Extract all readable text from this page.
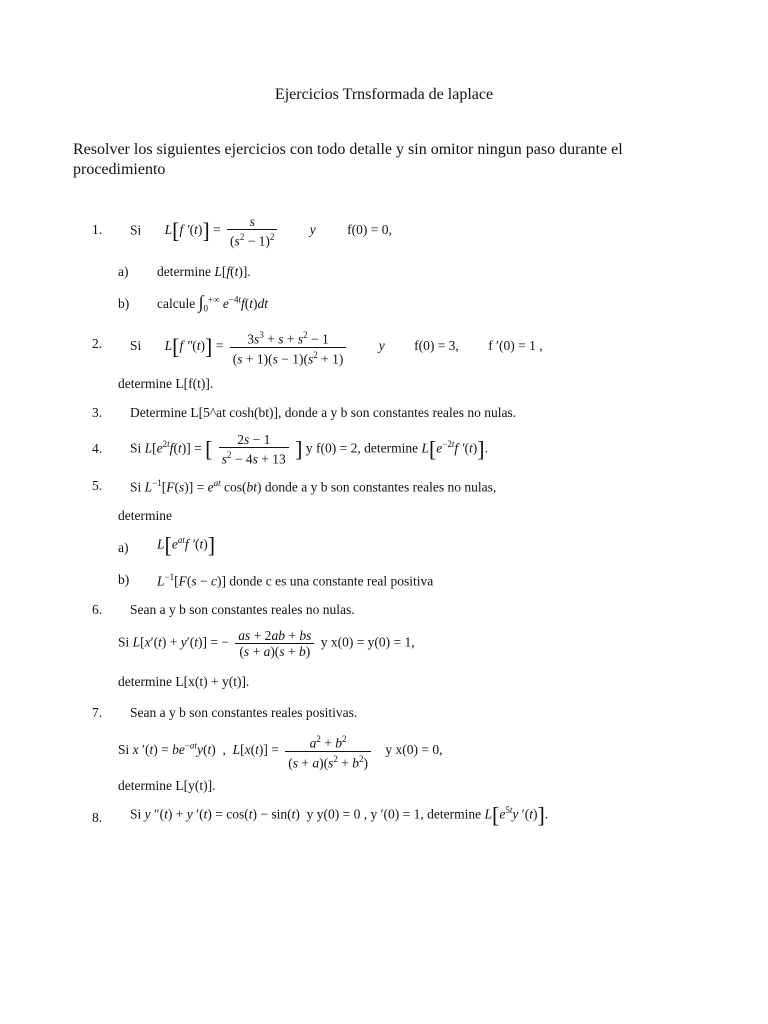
Ejercicios Trnsformada de laplace
Resolver los siguientes ejercicios con todo detalle y sin omitor ningun paso durante el procedimiento
1. Si L[f $'(t)] = \frac{s}{(s^2 - 1)^2}$ y f(0) = 0,
a) determine L[f(t)].
b) calcule $\int_0^{+\infty}$ $e^{-4t}f(t)dt$
2. Si L[f $''(t)] = \frac{3s^3 + s + s^2 - 1}{(s + 1)(s - 1)(s^2 + 1)}$ y f(0) = 3, f ′(0) = 1 ,
determine L[f(t)].
3. Determine L[5^at cosh(bt)], donde a y b son constantes reales no nulas.
4. Si $L[e^{2t}f(t)]$ = [ $\frac{2s - 1}{s^2 - 4s + 13}$ ] y f(0) = 2, determine $L[e^{-2t}f$ ′(t)].
5. Si $L^{-1}[F(s)] = e^{at}$ cos(bt) donde a y b son constantes reales no nulas,
determine
a) $L[e^{at}f$ ′(t)]
b) $L^{-1}[F(s - c)]$ donde c es una constante real positiva
6. Sean a y b son constantes reales no nulas.
Si L[x′(t) + y′(t)] = − $\frac{as + 2ab + bs}{(s + a)(s + b)}$ y x(0) = y(0) = 1,
determine L[x(t) + y(t)].
7. Sean a y b son constantes reales positivas.
Si x $'(t) = be^{-at}y(t)$  ,  $L[x(t)] = \frac{a^2 + b^2}{(s + a)(s^2 + b^2)}$ y x(0) = 0,
determine L[y(t)].
8. Si y ″(t) + y ′(t) = cos(t) − sin(t)  y y(0) = 0 , y ′(0) = 1, determine $L[e^{5t}y$ ′(t)].
